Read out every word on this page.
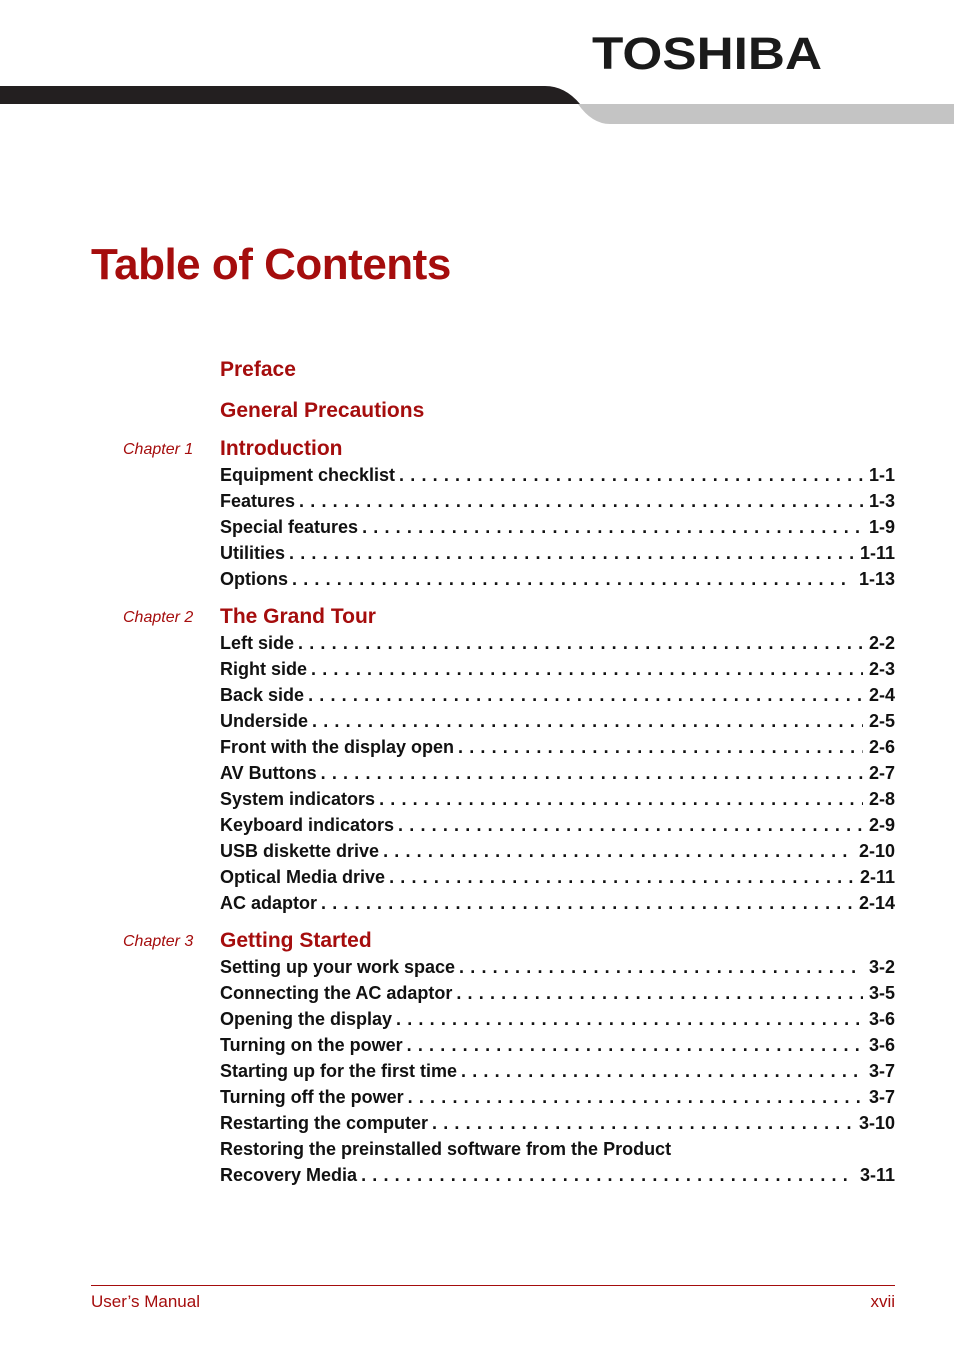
TOSHIBA
Table of Contents
Preface
General Precautions
Chapter 1 Introduction
Equipment checklist . . .	1-1
Features . . .	1-3
Special features . . .	1-9
Utilities . . .	1-11
Options . . .	1-13
Chapter 2 The Grand Tour
Left side . . .	2-2
Right side . . .	2-3
Back side . . .	2-4
Underside . . .	2-5
Front with the display open . . .	2-6
AV Buttons . . .	2-7
System indicators . . .	2-8
Keyboard indicators . . .	2-9
USB diskette drive . . .	2-10
Optical Media drive . . .	2-11
AC adaptor . . .	2-14
Chapter 3 Getting Started
Setting up your work space . . .	3-2
Connecting the AC adaptor . . .	3-5
Opening the display . . .	3-6
Turning on the power . . .	3-6
Starting up for the first time . . .	3-7
Turning off the power . . .	3-7
Restarting the computer . . .	3-10
Restoring the preinstalled software from the Product
Recovery Media . . .	3-11
User’s Manual	xvii
